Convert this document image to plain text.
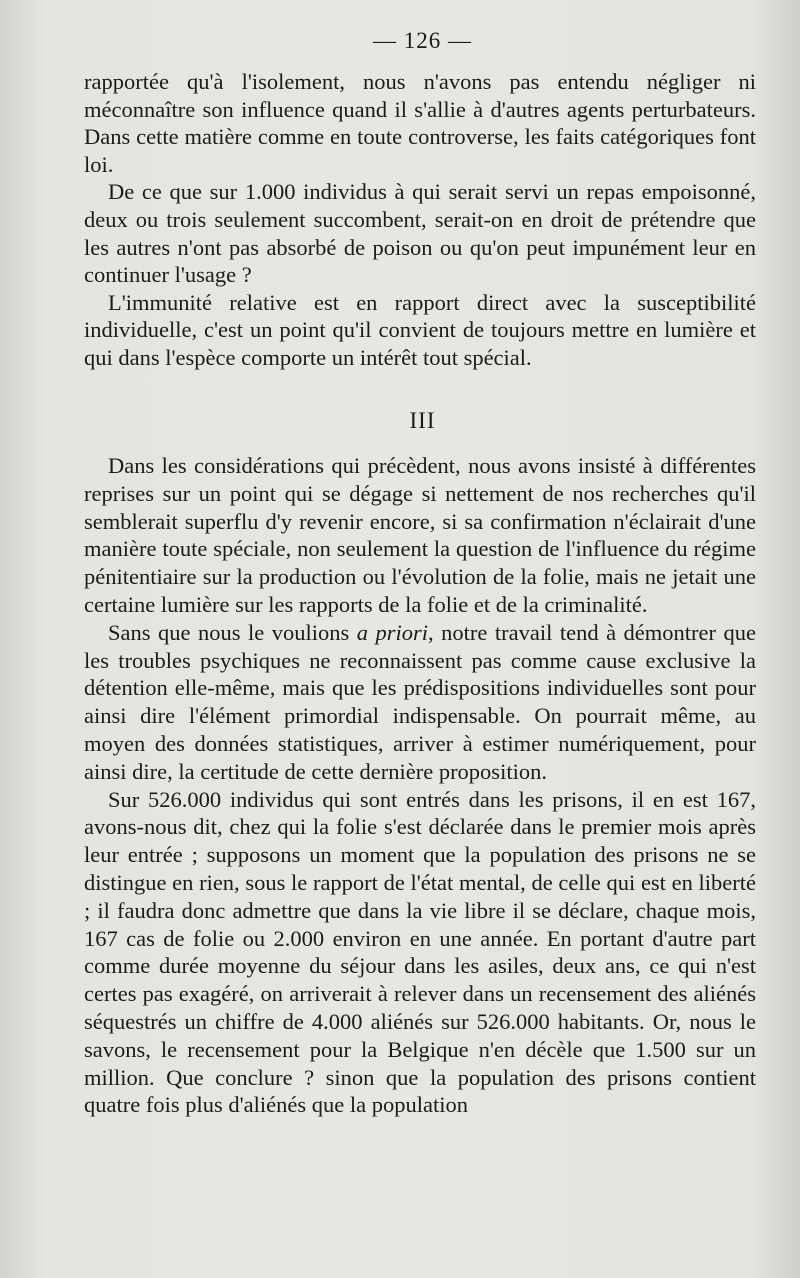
— 126 —

rapportée qu'à l'isolement, nous n'avons pas entendu négliger ni méconnaître son influence quand il s'allie à d'autres agents perturbateurs. Dans cette matière comme en toute controverse, les faits catégoriques font loi.

De ce que sur 1.000 individus à qui serait servi un repas empoisonné, deux ou trois seulement succombent, serait-on en droit de prétendre que les autres n'ont pas absorbé de poison ou qu'on peut impunément leur en continuer l'usage ?

L'immunité relative est en rapport direct avec la susceptibilité individuelle, c'est un point qu'il convient de toujours mettre en lumière et qui dans l'espèce comporte un intérêt tout spécial.

III

Dans les considérations qui précèdent, nous avons insisté à différentes reprises sur un point qui se dégage si nettement de nos recherches qu'il semblerait superflu d'y revenir encore, si sa confirmation n'éclairait d'une manière toute spéciale, non seulement la question de l'influence du régime pénitentiaire sur la production ou l'évolution de la folie, mais ne jetait une certaine lumière sur les rapports de la folie et de la criminalité.

Sans que nous le voulions a priori, notre travail tend à démontrer que les troubles psychiques ne reconnaissent pas comme cause exclusive la détention elle-même, mais que les prédispositions individuelles sont pour ainsi dire l'élément primordial indispensable. On pourrait même, au moyen des données statistiques, arriver à estimer numériquement, pour ainsi dire, la certitude de cette dernière proposition.

Sur 526.000 individus qui sont entrés dans les prisons, il en est 167, avons-nous dit, chez qui la folie s'est déclarée dans le premier mois après leur entrée ; supposons un moment que la population des prisons ne se distingue en rien, sous le rapport de l'état mental, de celle qui est en liberté ; il faudra donc admettre que dans la vie libre il se déclare, chaque mois, 167 cas de folie ou 2.000 environ en une année. En portant d'autre part comme durée moyenne du séjour dans les asiles, deux ans, ce qui n'est certes pas exagéré, on arriverait à relever dans un recensement des aliénés séquestrés un chiffre de 4.000 aliénés sur 526.000 habitants. Or, nous le savons, le recensement pour la Belgique n'en décèle que 1.500 sur un million. Que conclure ? sinon que la population des prisons contient quatre fois plus d'aliénés que la population
